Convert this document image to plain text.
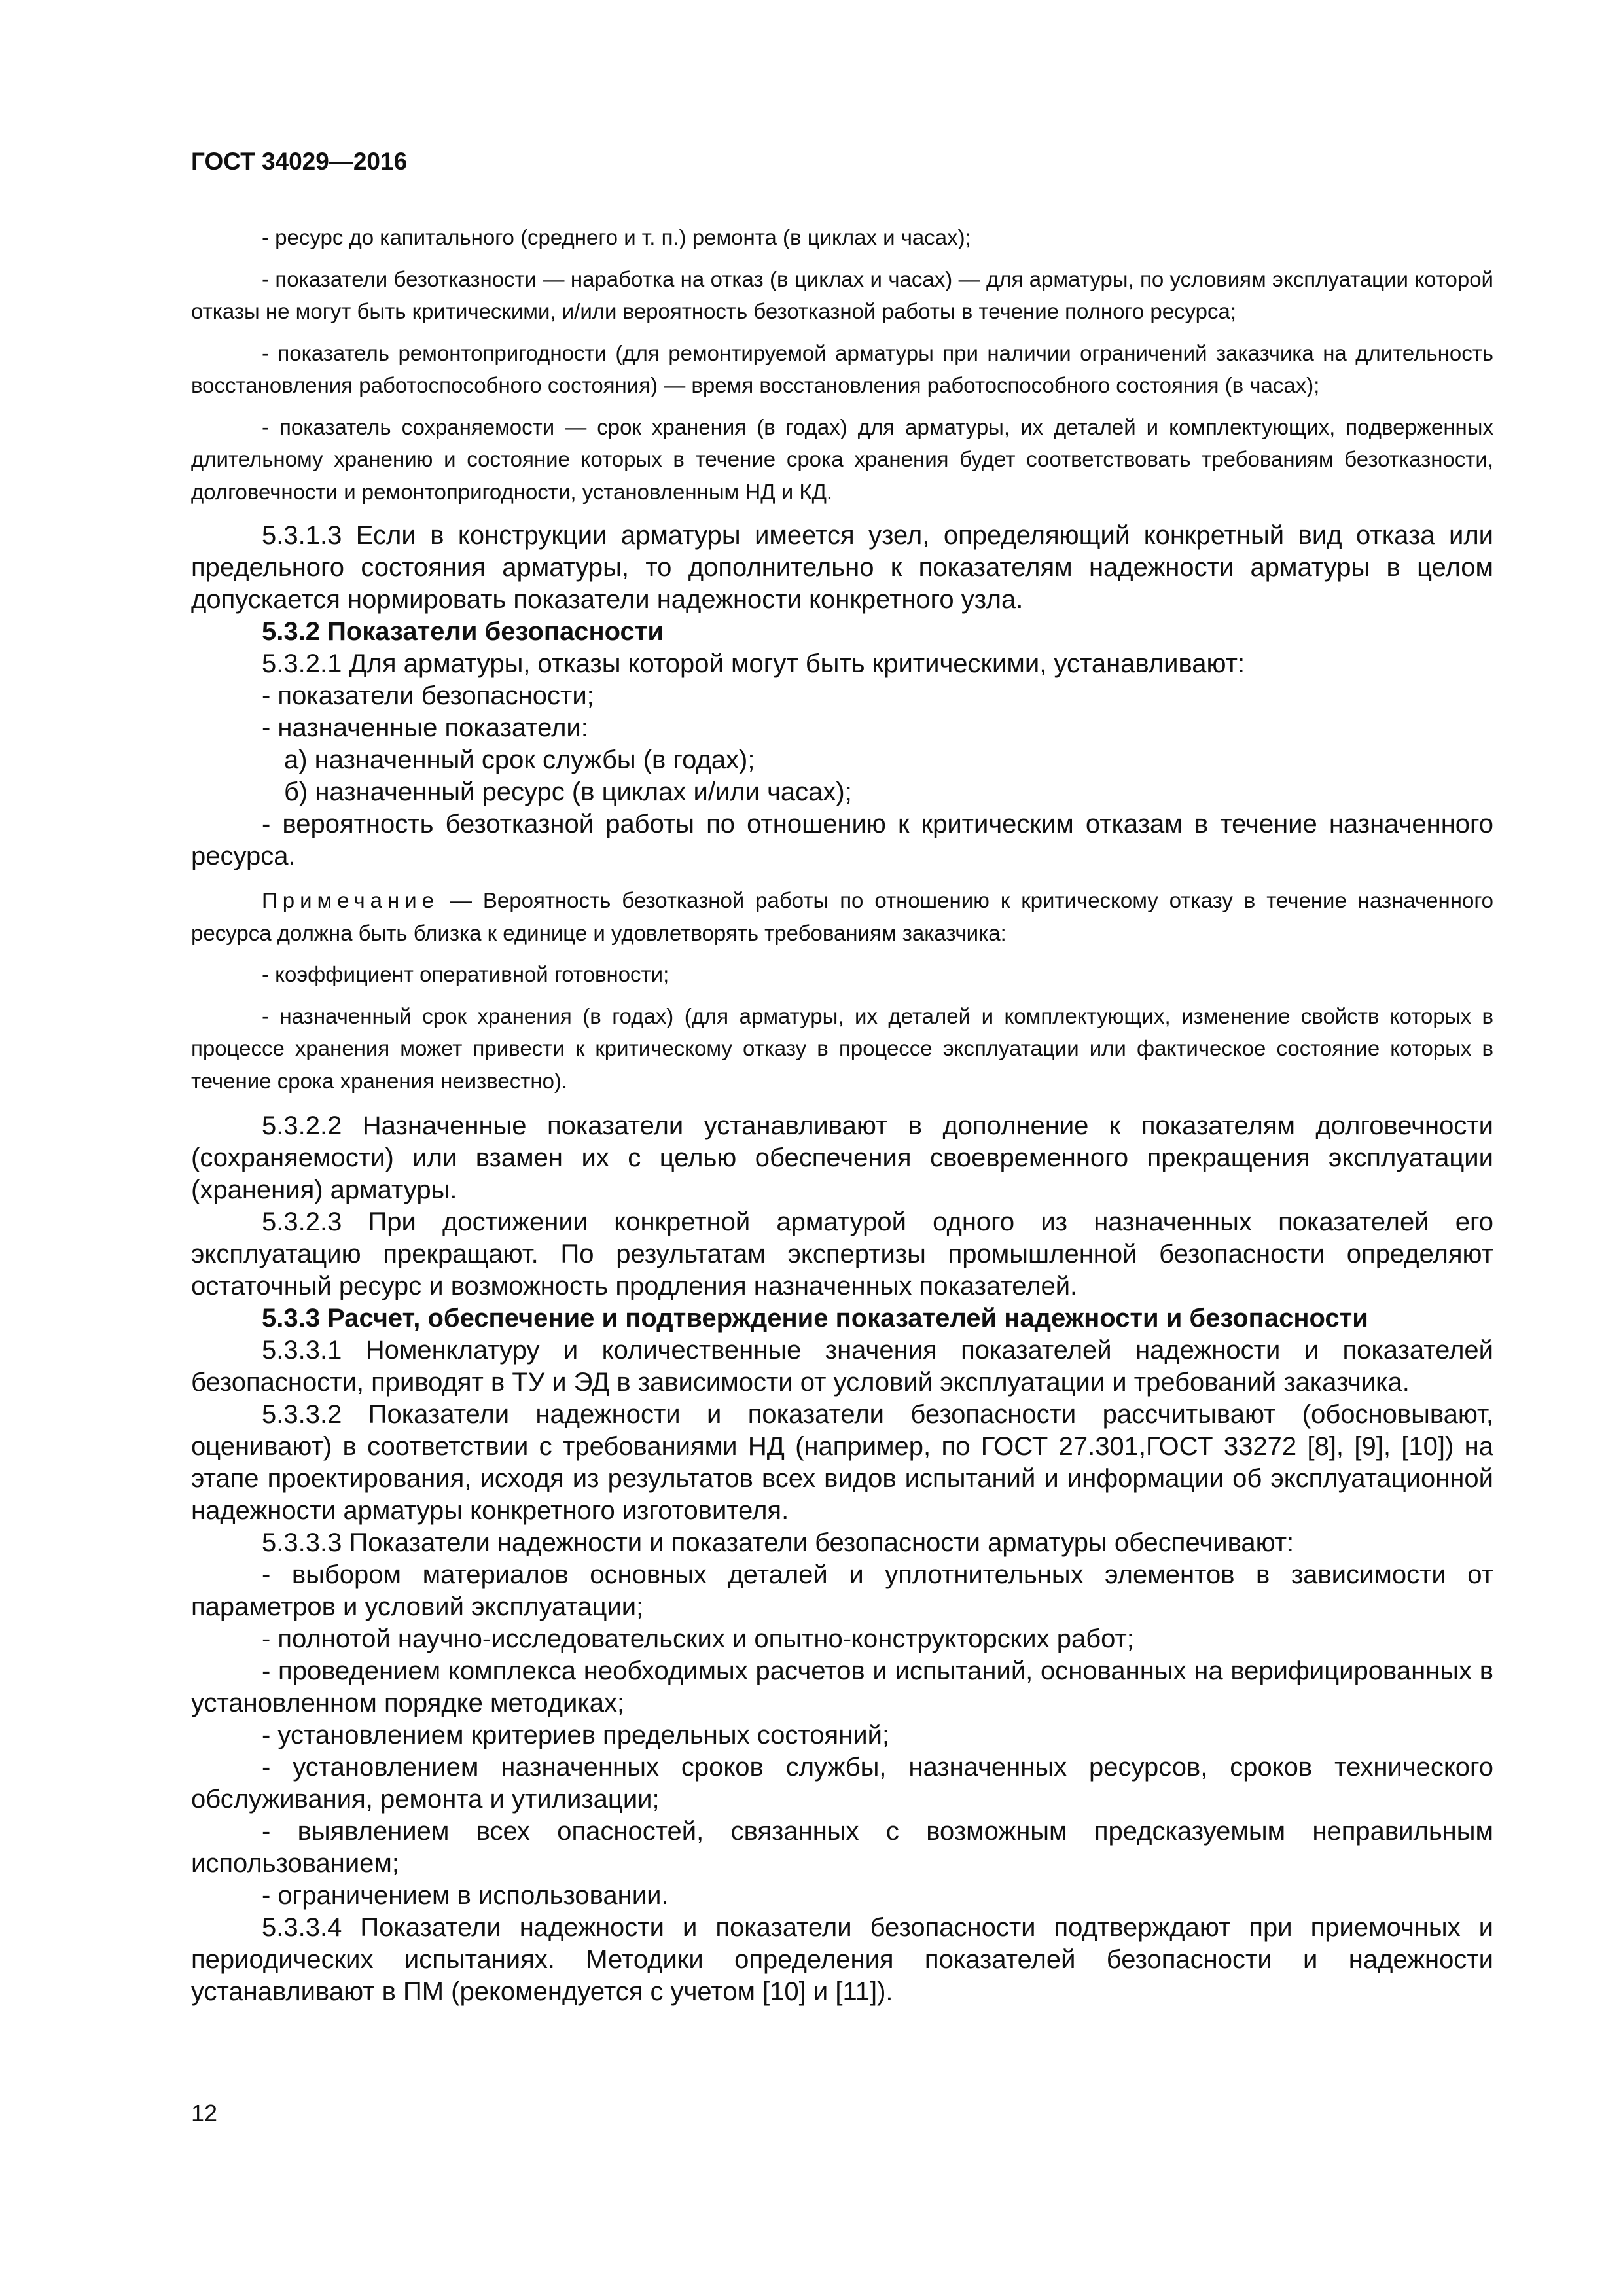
ГОСТ 34029—2016

- ресурс до капитального (среднего и т. п.) ремонта (в циклах и часах);

- показатели безотказности — наработка на отказ (в циклах и часах) — для арматуры, по условиям эксплуатации которой отказы не могут быть критическими, и/или вероятность безотказной работы в течение полного ресурса;

- показатель ремонтопригодности (для ремонтируемой арматуры при наличии ограничений заказчика на длительность восстановления работоспособного состояния) — время восстановления работоспособного состояния (в часах);

- показатель сохраняемости — срок хранения (в годах) для арматуры, их деталей и комплектующих, подверженных длительному хранению и состояние которых в течение срока хранения будет соответствовать требованиям безотказности, долговечности и ремонтопригодности, установленным НД и КД.

5.3.1.3 Если в конструкции арматуры имеется узел, определяющий конкретный вид отказа или предельного состояния арматуры, то дополнительно к показателям надежности арматуры в целом допускается нормировать показатели надежности конкретного узла.

5.3.2 Показатели безопасности

5.3.2.1 Для арматуры, отказы которой могут быть критическими, устанавливают:

- показатели безопасности;

- назначенные показатели:

а) назначенный срок службы (в годах);

б) назначенный ресурс (в циклах и/или часах);

- вероятность безотказной работы по отношению к критическим отказам в течение назначенного ресурса.

Примечание — Вероятность безотказной работы по отношению к критическому отказу в течение назначенного ресурса должна быть близка к единице и удовлетворять требованиям заказчика:

- коэффициент оперативной готовности;

- назначенный срок хранения (в годах) (для арматуры, их деталей и комплектующих, изменение свойств которых в процессе хранения может привести к критическому отказу в процессе эксплуатации или фактическое состояние которых в течение срока хранения неизвестно).

5.3.2.2 Назначенные показатели устанавливают в дополнение к показателям долговечности (сохраняемости) или взамен их с целью обеспечения своевременного прекращения эксплуатации (хранения) арматуры.

5.3.2.3 При достижении конкретной арматурой одного из назначенных показателей его эксплуатацию прекращают. По результатам экспертизы промышленной безопасности определяют остаточный ресурс и возможность продления назначенных показателей.

5.3.3 Расчет, обеспечение и подтверждение показателей надежности и безопасности

5.3.3.1 Номенклатуру и количественные значения показателей надежности и показателей безопасности, приводят в ТУ и ЭД в зависимости от условий эксплуатации и требований заказчика.

5.3.3.2 Показатели надежности и показатели безопасности рассчитывают (обосновывают, оценивают) в соответствии с требованиями НД (например, по ГОСТ 27.301,ГОСТ 33272 [8], [9], [10]) на этапе проектирования, исходя из результатов всех видов испытаний и информации об эксплуатационной надежности арматуры конкретного изготовителя.

5.3.3.3 Показатели надежности и показатели безопасности арматуры обеспечивают:

- выбором материалов основных деталей и уплотнительных элементов в зависимости от параметров и условий эксплуатации;

- полнотой научно-исследовательских и опытно-конструкторских работ;

- проведением комплекса необходимых расчетов и испытаний, основанных на верифицированных в установленном порядке методиках;

- установлением критериев предельных состояний;

- установлением назначенных сроков службы, назначенных ресурсов, сроков технического обслуживания, ремонта и утилизации;

- выявлением всех опасностей, связанных с возможным предсказуемым неправильным использованием;

- ограничением в использовании.

5.3.3.4 Показатели надежности и показатели безопасности подтверждают при приемочных и периодических испытаниях. Методики определения показателей безопасности и надежности устанавливают в ПМ (рекомендуется с учетом [10] и [11]).

12
